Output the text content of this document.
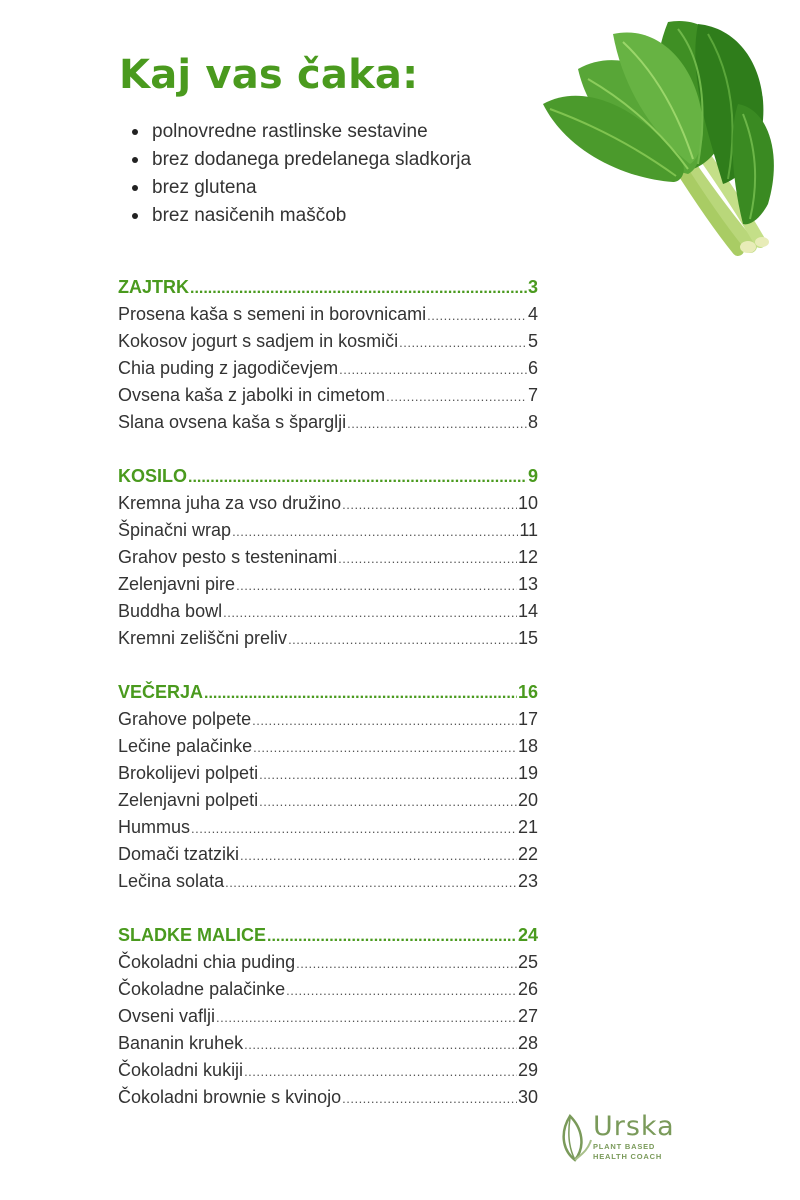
Kaj vas čaka:
polnovredne rastlinske sestavine
brez dodanega predelanega sladkorja
brez glutena
brez nasičenih maščob
ZAJTRK .....	3
Prosena kaša s semeni in borovnicami .....	4
Kokosov jogurt s sadjem in kosmiči .....	5
Chia puding z jagodičevjem .....	6
Ovsena kaša z jabolki in cimetom .....	7
Slana ovsena kaša s šparglji .....	8
KOSILO .....	9
Kremna juha za vso družino .....	10
Špinačni wrap .....	11
Grahov pesto s testeninami .....	12
Zelenjavni pire .....	13
Buddha bowl .....	14
Kremni zeliščni preliv .....	15
VEČERJA .....	16
Grahove polpete .....	17
Lečine palačinke .....	18
Brokolijevi polpeti .....	19
Zelenjavni polpeti .....	20
Hummus .....	21
Domači tzatziki .....	22
Lečina solata .....	23
SLADKE MALICE .....	24
Čokoladni chia puding .....	25
Čokoladne palačinke .....	26
Ovseni vaflji .....	27
Bananin kruhek .....	28
Čokoladni kukiji .....	29
Čokoladni brownie s kvinojo .....	30
Urska
PLANT BASED
HEALTH COACH
